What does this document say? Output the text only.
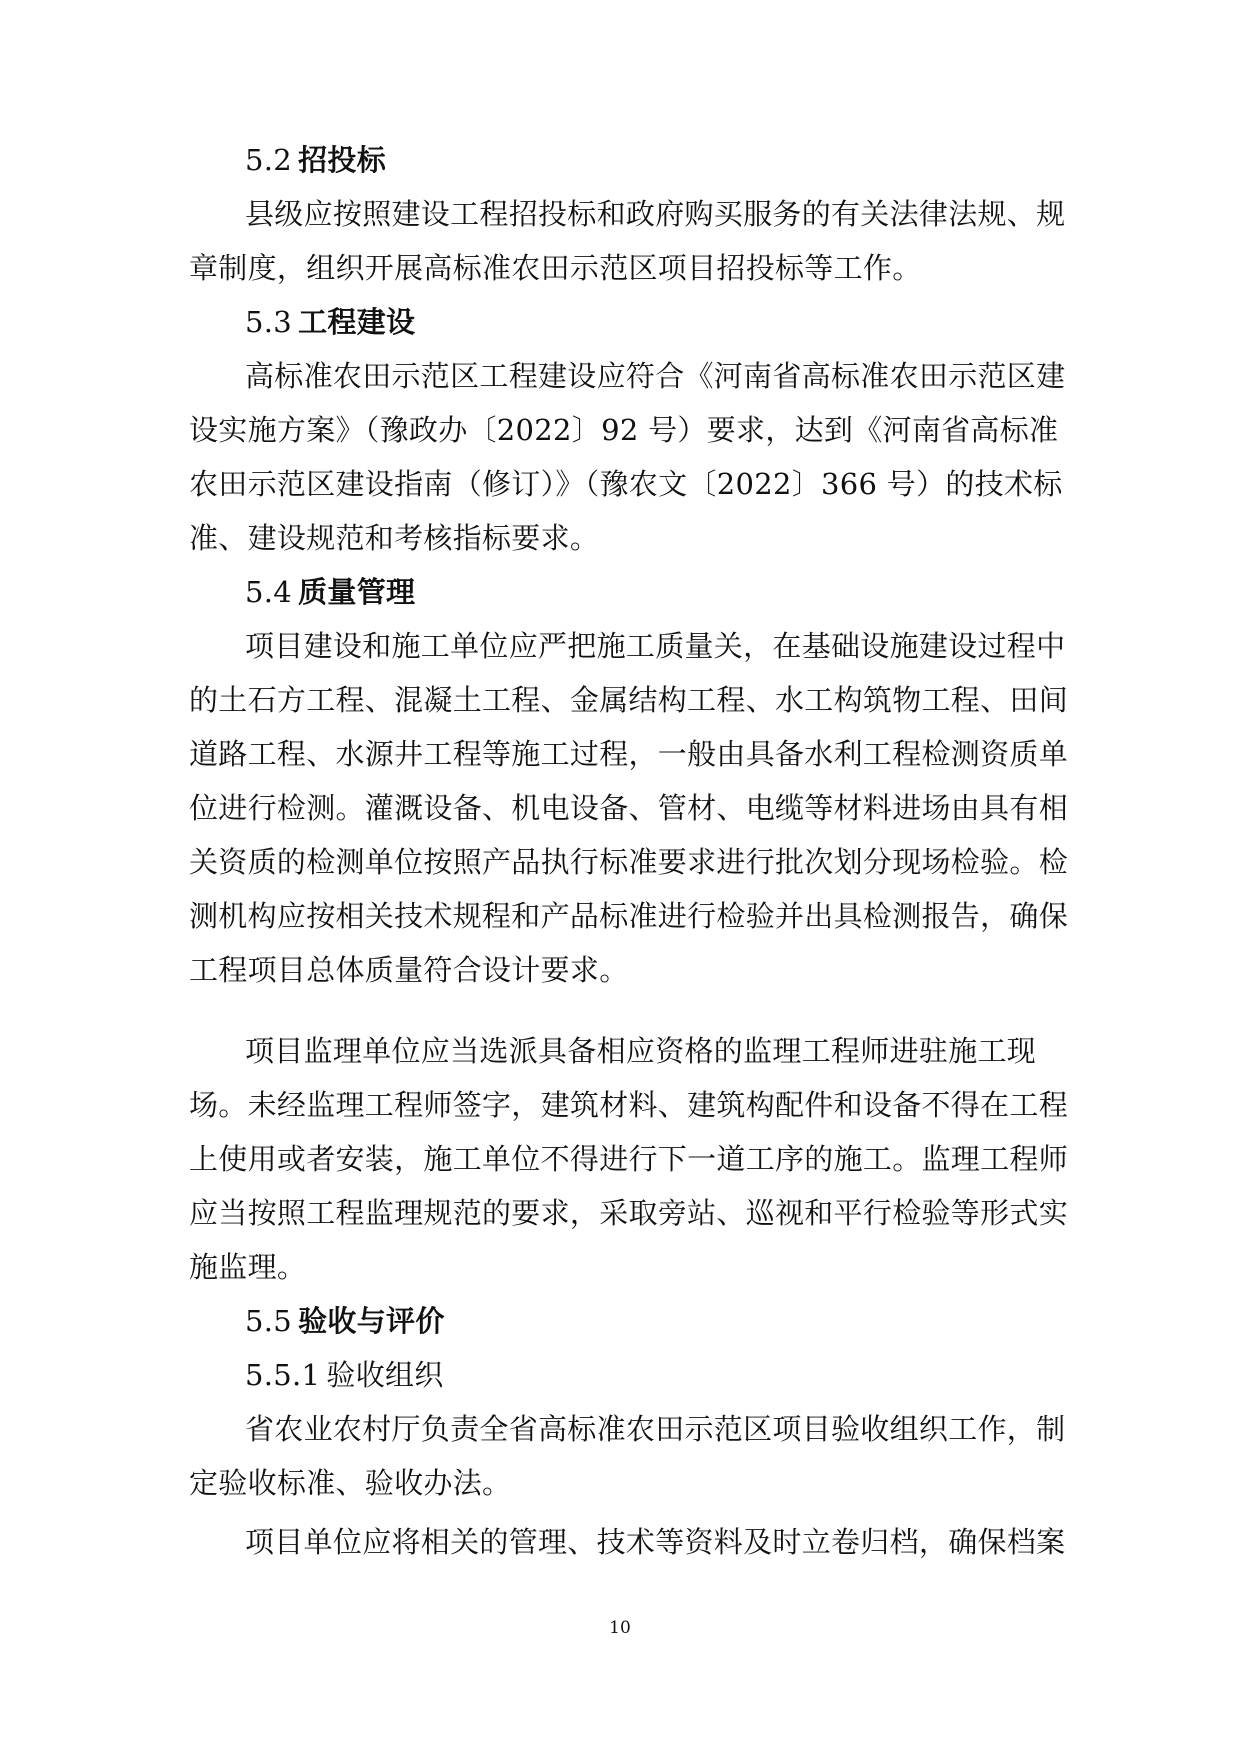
5.2  招投标
县级应按照建设工程招投标和政府购买服务的有关法律法规、规
章制度，组织开展高标准农田示范区项目招投标等工作。
5.3  工程建设
高标准农田示范区工程建设应符合《河南省高标准农田示范区建
设实施方案》（豫政办〔2022〕92 号）要求，达到《河南省高标准
农田示范区建设指南（修订）》（豫农文〔2022〕366 号）的技术标
准、建设规范和考核指标要求。
5.4  质量管理
项目建设和施工单位应严把施工质量关，在基础设施建设过程中
的土石方工程、混凝土工程、金属结构工程、水工构筑物工程、田间
道路工程、水源井工程等施工过程，一般由具备水利工程检测资质单
位进行检测。灌溉设备、机电设备、管材、电缆等材料进场由具有相
关资质的检测单位按照产品执行标准要求进行批次划分现场检验。检
测机构应按相关技术规程和产品标准进行检验并出具检测报告，确保
工程项目总体质量符合设计要求。
项目监理单位应当选派具备相应资格的监理工程师进驻施工现
场。未经监理工程师签字，建筑材料、建筑构配件和设备不得在工程
上使用或者安装，施工单位不得进行下一道工序的施工。监理工程师
应当按照工程监理规范的要求，采取旁站、巡视和平行检验等形式实
施监理。
5.5  验收与评价
5.5.1  验收组织
省农业农村厅负责全省高标准农田示范区项目验收组织工作，制
定验收标准、验收办法。
项目单位应将相关的管理、技术等资料及时立卷归档，确保档案
10
